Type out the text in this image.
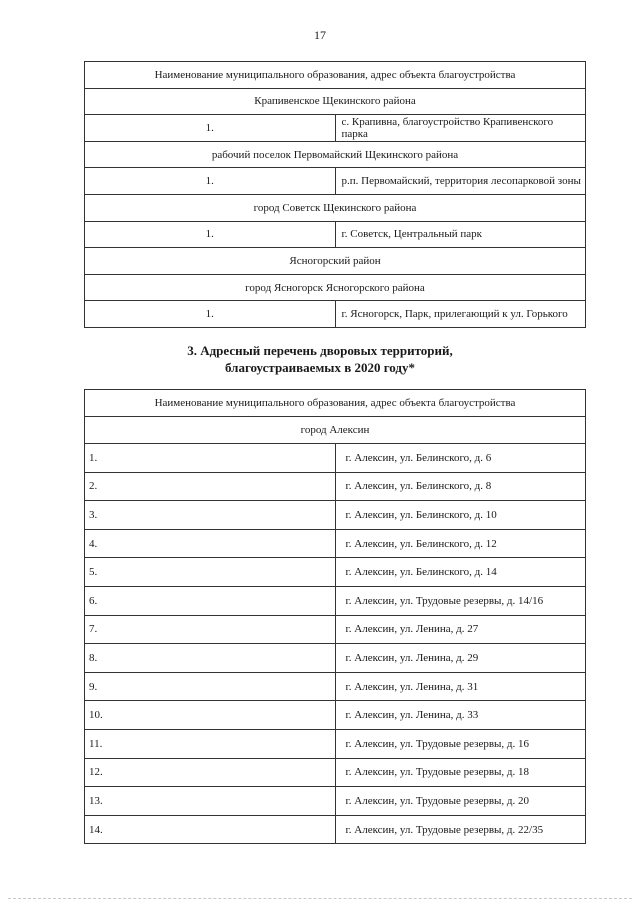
17
Наименование муниципального образования, адрес объекта благоустройства	
Крапивенское Щекинского района	
1.	с. Крапивна, благоустройство Крапивенского парка
рабочий поселок Первомайский Щекинского района	
1.	р.п. Первомайский, территория лесопарковой зоны
город Советск Щекинского района	
1.	г. Советск, Центральный парк
Ясногорский район	
город Ясногорск Ясногорского района	
1.	г. Ясногорск, Парк, прилегающий к ул. Горького
3. Адресный перечень дворовых территорий,
благоустраиваемых в 2020 году*
Наименование муниципального образования, адрес объекта благоустройства	
город Алексин	
1.	г. Алексин, ул. Белинского, д. 6
2.	г. Алексин, ул. Белинского, д. 8
3.	г. Алексин, ул. Белинского, д. 10
4.	г. Алексин, ул. Белинского, д. 12
5.	г. Алексин, ул. Белинского, д. 14
6.	г. Алексин, ул. Трудовые резервы, д. 14/16
7.	г. Алексин, ул. Ленина, д. 27
8.	г. Алексин, ул. Ленина, д. 29
9.	г. Алексин, ул. Ленина, д. 31
10.	г. Алексин, ул. Ленина, д. 33
11.	г. Алексин, ул. Трудовые резервы, д. 16
12.	г. Алексин, ул. Трудовые резервы, д. 18
13.	г. Алексин, ул. Трудовые резервы, д. 20
14.	г. Алексин, ул. Трудовые резервы, д. 22/35
